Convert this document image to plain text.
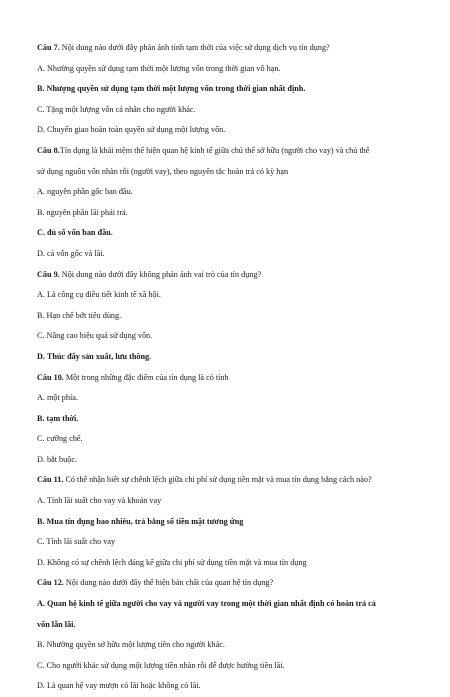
Câu 7. Nội dung nào dưới đây phản ánh tính tạm thời của việc sử dụng dịch vụ tín dụng?

A. Nhường quyền sử dụng tạm thời một lượng vốn trong thời gian vô hạn.

B. Nhượng quyền sử dụng tạm thời một lượng vốn trong thời gian nhất định.

C. Tặng một lượng vốn cá nhân cho người khác.

D. Chuyển giao hoàn toàn quyền sử dụng một lượng vốn.

Câu 8.Tín dụng là khái niệm thể hiện quan hệ kinh tế giữa chủ thể sở hữu (người cho vay) và chủ thể

sử dụng nguồn vốn nhàn rỗi (người vay), theo nguyên tắc hoàn trả có kỳ hạn

A. nguyên phần gốc ban đầu.

B. nguyên phần lãi phải trả.

C. đủ số vốn ban đầu.

D. cả vốn gốc và lãi.

Câu 9. Nội dung nào dưới đây không phản ánh vai trò của tín dụng?

A. Là công cụ điều tiết kinh tế xã hội.

B. Hạn chế bớt tiêu dùng.

C. Nâng cao hiệu quả sử dụng vốn.

D. Thúc đẩy sản xuất, lưu thông.

Câu 10. Một trong những đặc điểm của tín dụng là có tính

A. một phía.

B. tạm thời.

C. cưỡng chế.

D. bắt buộc.

Câu 11. Có thể nhận biết sự chênh lệch giữa chi phí sử dụng tiền mặt và mua tín dụng bằng cách nào?

A. Tính lãi suất cho vay và khoản vay

B. Mua tín dụng bao nhiêu, trả bằng số tiền mặt tương ứng

C. Tính lãi suất cho vay

D. Không có sự chênh lệch đáng kể giữa chi phí sử dụng tiền mặt và mua tín dụng

Câu 12. Nội dung nào dưới đây thể hiện bản chất của quan hệ tín dụng?

A. Quan hệ kinh tế giữa người cho vay và người vay trong một thời gian nhất định có hoàn trả cả

vốn lẫn lãi.

B. Nhường quyền sở hữu một lượng tiền cho người khác.

C. Cho người khác sử dụng một lượng tiền nhàn rỗi để được hưởng tiền lãi.

D. Là quan hệ vay mượn có lãi hoặc không có lãi.
